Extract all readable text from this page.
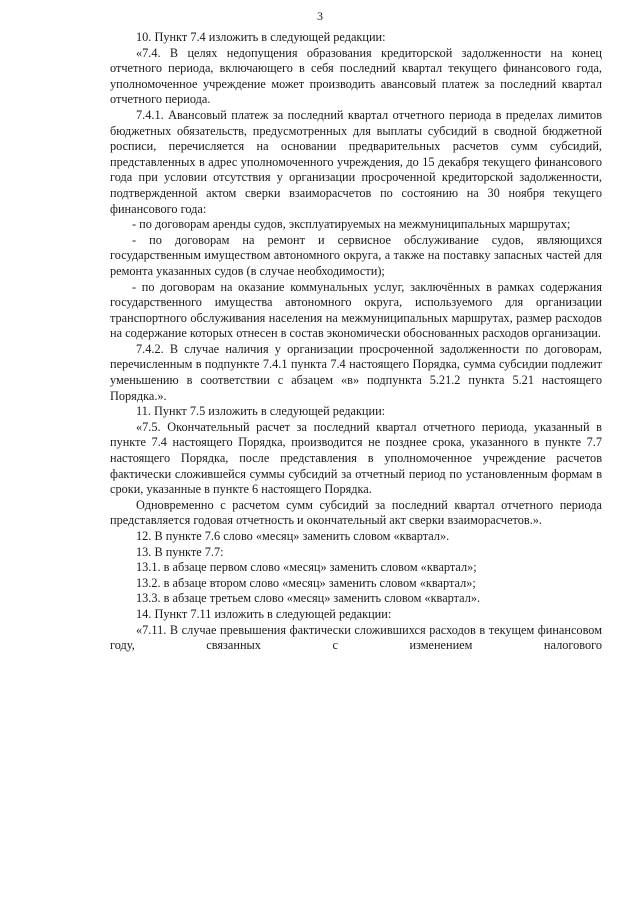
3

10. Пункт 7.4 изложить в следующей редакции:

«7.4. В целях недопущения образования кредиторской задолженности на конец отчетного периода, включающего в себя последний квартал текущего финансового года, уполномоченное учреждение может производить авансовый платеж за последний квартал отчетного периода.

7.4.1. Авансовый платеж за последний квартал отчетного периода в пределах лимитов бюджетных обязательств, предусмотренных для выплаты субсидий в сводной бюджетной росписи, перечисляется на основании предварительных расчетов сумм субсидий, представленных в адрес уполномоченного учреждения, до 15 декабря текущего финансового года при условии отсутствия у организации просроченной кредиторской задолженности, подтвержденной актом сверки взаиморасчетов по состоянию на 30 ноября текущего финансового года:

- по договорам аренды судов, эксплуатируемых на межмуниципальных маршрутах;

- по договорам на ремонт и сервисное обслуживание судов, являющихся государственным имуществом автономного округа, а также на поставку запасных частей для ремонта указанных судов (в случае необходимости);

- по договорам на оказание коммунальных услуг, заключённых в рамках содержания государственного имущества автономного округа, используемого для организации транспортного обслуживания населения на межмуниципальных маршрутах, размер расходов на содержание которых отнесен в состав экономически обоснованных расходов организации.

7.4.2. В случае наличия у организации просроченной задолженности по договорам, перечисленным в подпункте 7.4.1 пункта 7.4 настоящего Порядка, сумма субсидии подлежит уменьшению в соответствии с абзацем «в» подпункта 5.21.2 пункта 5.21 настоящего Порядка.».

11. Пункт 7.5 изложить в следующей редакции:

«7.5. Окончательный расчет за последний квартал отчетного периода, указанный в пункте 7.4 настоящего Порядка, производится не позднее срока, указанного в пункте 7.7 настоящего Порядка, после представления в уполномоченное учреждение расчетов фактически сложившейся суммы субсидий за отчетный период по установленным формам в сроки, указанные в пункте 6 настоящего Порядка.

Одновременно с расчетом сумм субсидий за последний квартал отчетного периода представляется годовая отчетность и окончательный акт сверки взаиморасчетов.».

12. В пункте 7.6 слово «месяц» заменить словом «квартал».

13. В пункте 7.7:

13.1. в абзаце первом слово «месяц» заменить словом «квартал»;

13.2. в абзаце втором слово «месяц» заменить словом «квартал»;

13.3. в абзаце третьем слово «месяц» заменить словом «квартал».

14. Пункт 7.11 изложить в следующей редакции:

«7.11. В случае превышения фактически сложившихся расходов в текущем финансовом году, связанных с изменением налогового
